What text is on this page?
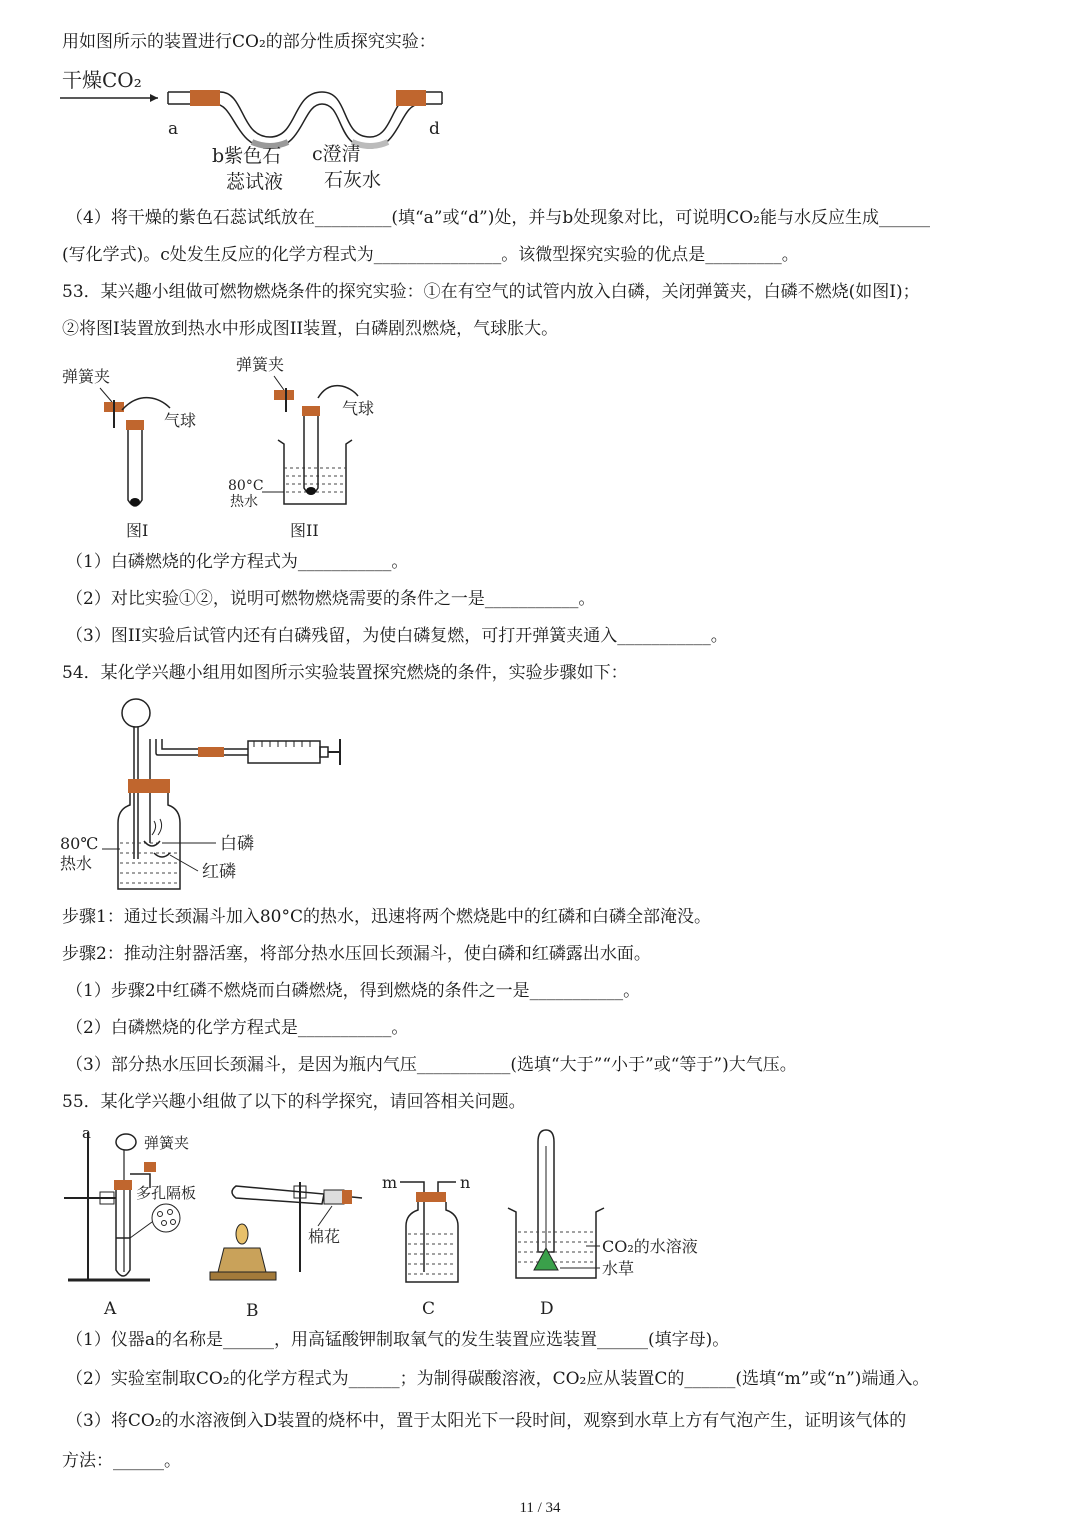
用如图所示的装置进行CO₂的部分性质探究实验：
干燥CO₂
a	d
b紫色石
蕊试液
c澄清
石灰水
（4）将干燥的紫色石蕊试纸放在_________(填“a”或“d”)处，并与b处现象对比，可说明CO₂能与水反应生成______
(写化学式)。c处发生反应的化学方程式为_______________。该微型探究实验的优点是_________。
53．某兴趣小组做可燃物燃烧条件的探究实验：①在有空气的试管内放入白磷，关闭弹簧夹，白磷不燃烧(如图I)；
②将图I装置放到热水中形成图II装置，白磷剧烈燃烧，气球胀大。
弹簧夹
气球
图I
弹簧夹
气球
80°C
热水
图II
（1）白磷燃烧的化学方程式为___________。
（2）对比实验①②，说明可燃物燃烧需要的条件之一是___________。
（3）图II实验后试管内还有白磷残留，为使白磷复燃，可打开弹簧夹通入___________。
54．某化学兴趣小组用如图所示实验装置探究燃烧的条件，实验步骤如下：
80℃
热水
白磷
红磷
步骤1：通过长颈漏斗加入80°C的热水，迅速将两个燃烧匙中的红磷和白磷全部淹没。
步骤2：推动注射器活塞，将部分热水压回长颈漏斗，使白磷和红磷露出水面。
（1）步骤2中红磷不燃烧而白磷燃烧，得到燃烧的条件之一是___________。
（2）白磷燃烧的化学方程式是___________。
（3）部分热水压回长颈漏斗，是因为瓶内气压___________(选填“大于”“小于”或“等于”)大气压。
55．某化学兴趣小组做了以下的科学探究，请回答相关问题。
a
弹簧夹
多孔隔板
A
棉花
B
m	n
C
CO₂的水溶液
水草
D
（1）仪器a的名称是______，用高锰酸钾制取氧气的发生装置应选装置______(填字母)。
（2）实验室制取CO₂的化学方程式为______；为制得碳酸溶液，CO₂应从装置C的______(选填“m”或“n”)端通入。
（3）将CO₂的水溶液倒入D装置的烧杯中，置于太阳光下一段时间，观察到水草上方有气泡产生，证明该气体的
方法：______。
11 / 34
